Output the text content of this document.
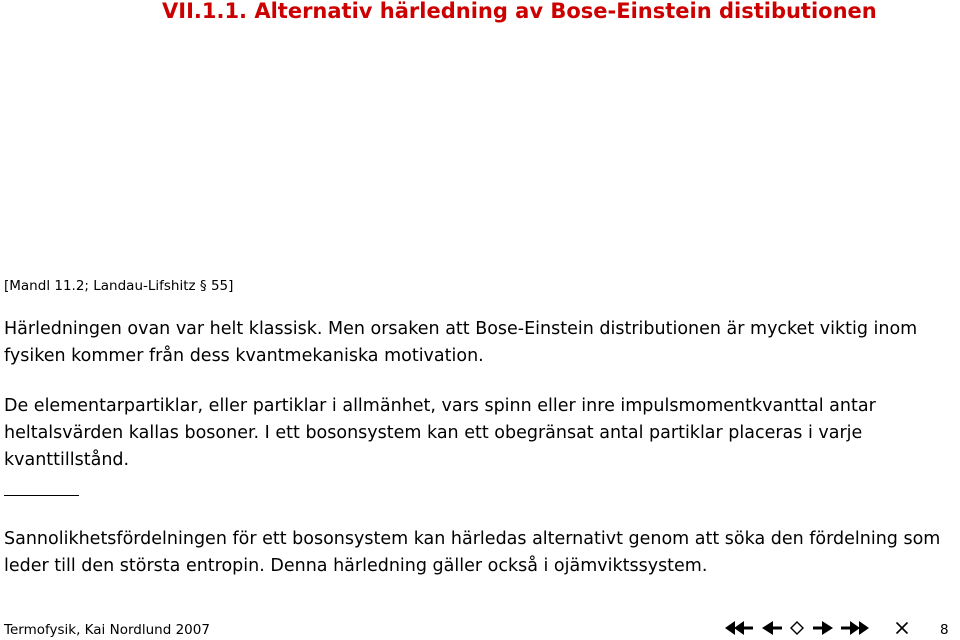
VII.1.1. Alternativ härledning av Bose-Einstein distibutionen
[Mandl 11.2; Landau-Lifshitz § 55]

Härledningen ovan var helt klassisk. Men orsaken att Bose-Einstein distributionen är mycket viktig inom fysiken kommer från dess kvantmekaniska motivation.

De elementarpartiklar, eller partiklar i allmänhet, vars spinn eller inre impulsmomentkvanttal antar heltalsvärden kallas bosoner. I ett bosonsystem kan ett obegränsat antal partiklar placeras i varje kvanttillstånd.

Sannolikhetsfördelningen för ett bosonsystem kan härledas alternativt genom att söka den fördelning som leder till den största entropin. Denna härledning gäller också i ojämviktssystem.

Termofysik, Kai Nordlund 2007	8
